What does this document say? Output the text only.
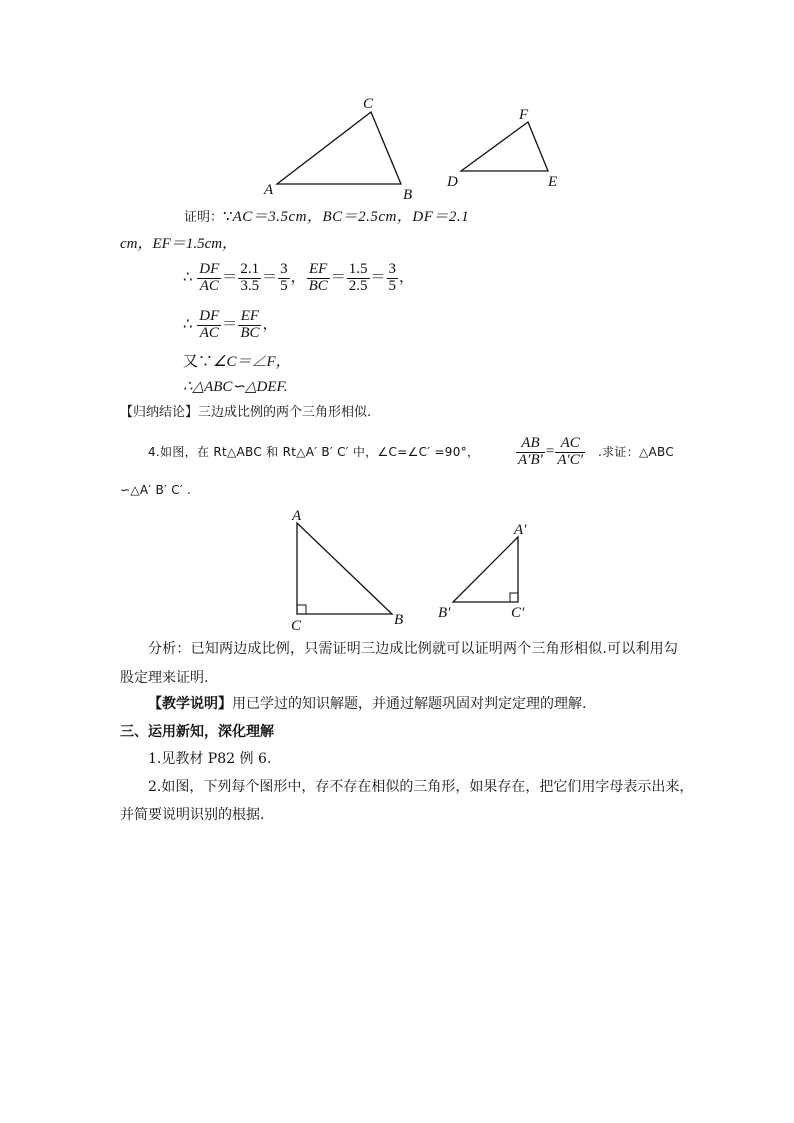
A	B
C
D	E
F
证明：∵AC＝3.5cm，BC＝2.5cm，DF＝2.1
cm，EF＝1.5cm，
∴ $\frac{DF}{AC} = \frac{2.1}{3.5} = \frac{3}{5}$ ， $\frac{EF}{BC} = \frac{1.5}{2.5} = \frac{3}{5}$ ，
∴ $\frac{DF}{AC} = \frac{EF}{BC}$ ，
又∵∠C＝∠F，
∴△ABC∽△DEF.
【归纳结论】三边成比例的两个三角形相似.
4.如图，在 Rt△ABC 和 Rt△A′ B′ C′ 中，∠C=∠C′ =90°， $\frac{AB}{A'B'} = \frac{AC}{A'C'}$ .求证：△ABC
∽△A′ B′ C′ .
A
B
C
A′
B′	C′
分析：已知两边成比例，只需证明三边成比例就可以证明两个三角形相似.可以利用勾
股定理来证明.
【教学说明】用已学过的知识解题，并通过解题巩固对判定定理的理解.
三、运用新知，深化理解
1.见教材 P82 例 6.
2.如图，下列每个图形中，存不存在相似的三角形，如果存在，把它们用字母表示出来，
并简要说明识别的根据.
